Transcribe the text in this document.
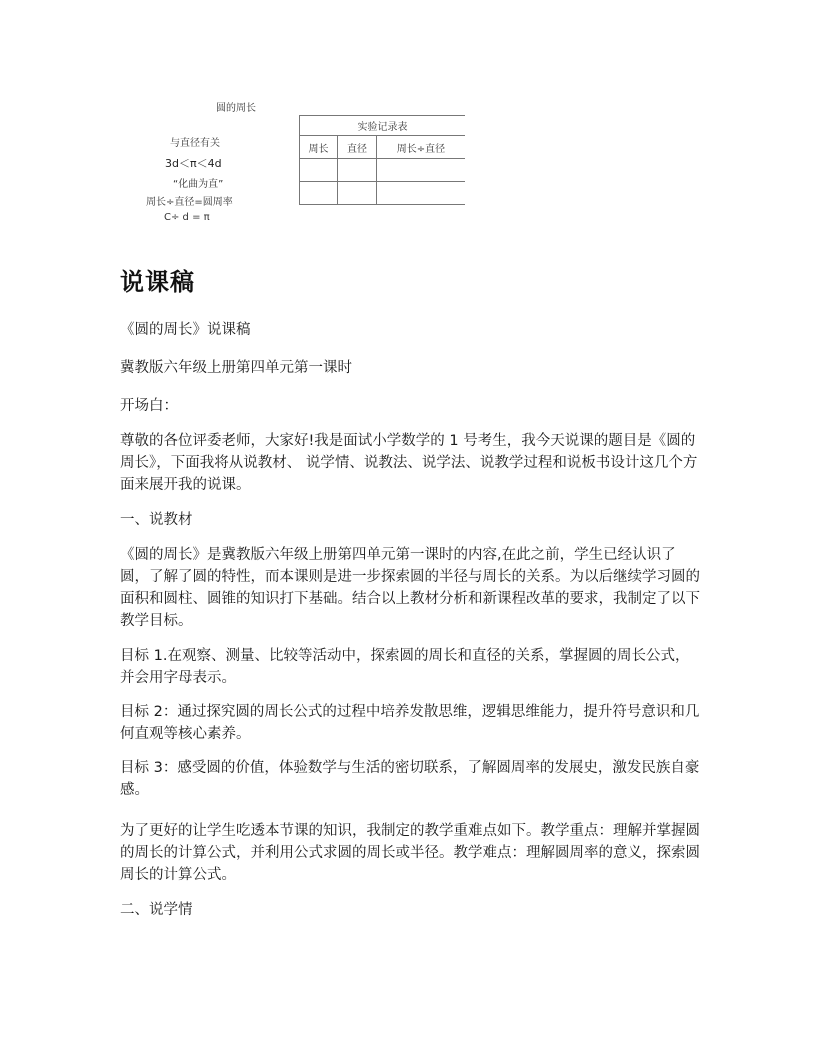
圆的周长
与直径有关
3d＜π＜4d
“化曲为直”
周长÷直径=圆周率
C÷ d = π
实验记录表		
周长	直径	周长÷直径

说课稿
《圆的周长》说课稿
冀教版六年级上册第四单元第一课时
开场白：
尊敬的各位评委老师，大家好!我是面试小学数学的 1 号考生，我今天说课的题目是《圆的周长》，下面我将从说教材、 说学情、说教法、说学法、说教学过程和说板书设计这几个方面来展开我的说课。
一、说教材
《圆的周长》是冀教版六年级上册第四单元第一课时的内容,在此之前，学生已经认识了圆，了解了圆的特性，而本课则是进一步探索圆的半径与周长的关系。为以后继续学习圆的面积和圆柱、圆锥的知识打下基础。结合以上教材分析和新课程改革的要求，我制定了以下教学目标。
目标 1.在观察、测量、比较等活动中，探索圆的周长和直径的关系，掌握圆的周长公式，并会用字母表示。
目标 2：通过探究圆的周长公式的过程中培养发散思维，逻辑思维能力，提升符号意识和几何直观等核心素养。
目标 3：感受圆的价值，体验数学与生活的密切联系，了解圆周率的发展史，激发民族自豪感。
为了更好的让学生吃透本节课的知识，我制定的教学重难点如下。教学重点：理解并掌握圆的周长的计算公式，并利用公式求圆的周长或半径。教学难点：理解圆周率的意义，探索圆周长的计算公式。
二、说学情
